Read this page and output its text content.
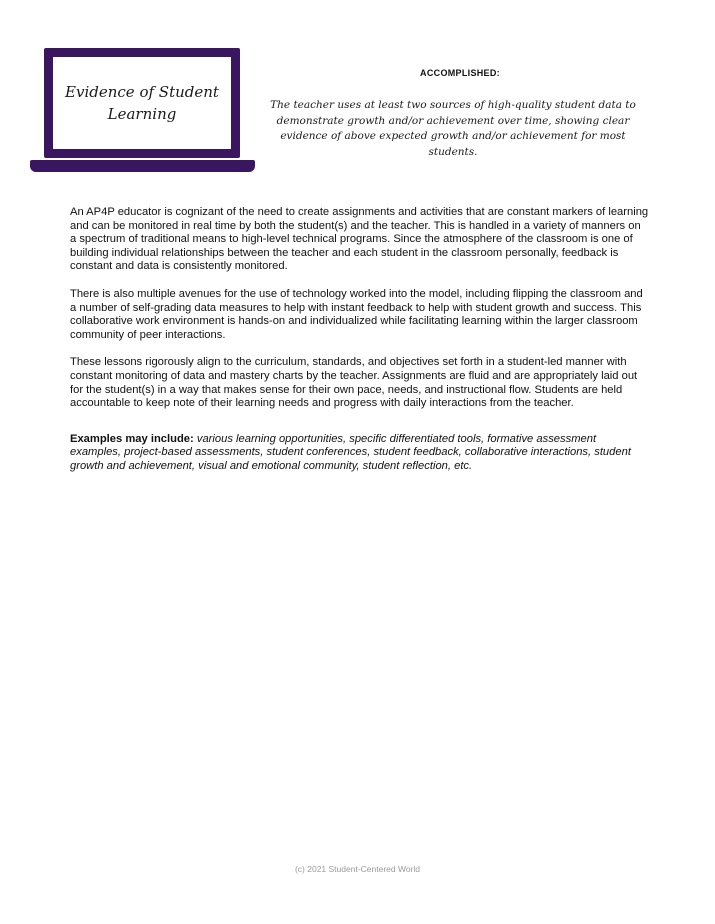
Evidence of Student Learning
ACCOMPLISHED:
The teacher uses at least two sources of high-quality student data to demonstrate growth and/or achievement over time, showing clear evidence of above expected growth and/or achievement for most students.

An AP4P educator is cognizant of the need to create assignments and activities that are constant markers of learning and can be monitored in real time by both the student(s) and the teacher. This is handled in a variety of manners on a spectrum of traditional means to high-level technical programs. Since the atmosphere of the classroom is one of building individual relationships between the teacher and each student in the classroom personally, feedback is constant and data is consistently monitored.

There is also multiple avenues for the use of technology worked into the model, including flipping the classroom and a number of self-grading data measures to help with instant feedback to help with student growth and success. This collaborative work environment is hands-on and individualized while facilitating learning within the larger classroom community of peer interactions.

These lessons rigorously align to the curriculum, standards, and objectives set forth in a student-led manner with constant monitoring of data and mastery charts by the teacher. Assignments are fluid and are appropriately laid out for the student(s) in a way that makes sense for their own pace, needs, and instructional flow. Students are held accountable to keep note of their learning needs and progress with daily interactions from the teacher.

Examples may include: various learning opportunities, specific differentiated tools, formative assessment examples, project-based assessments, student conferences, student feedback, collaborative interactions, student growth and achievement, visual and emotional community, student reflection, etc.

(c) 2021 Student-Centered World
